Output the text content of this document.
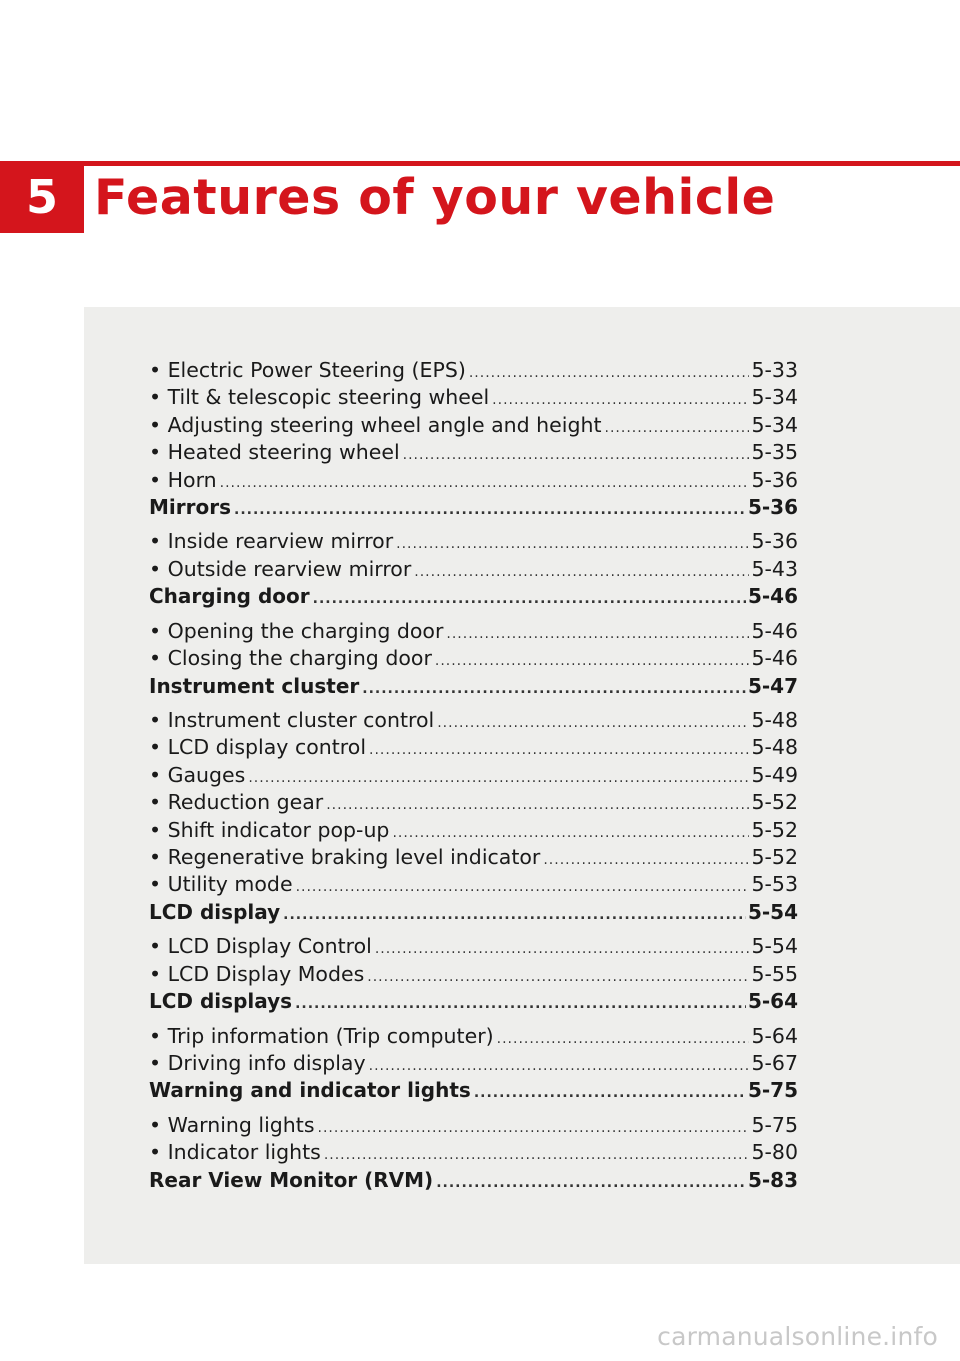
5 Features of your vehicle
• Electric Power Steering (EPS) .....	5-33
• Tilt & telescopic steering wheel .....	5-34
• Adjusting steering wheel angle and height .....	5-34
• Heated steering wheel .....	5-35
• Horn .....	5-36
Mirrors .....	5-36
• Inside rearview mirror .....	5-36
• Outside rearview mirror .....	5-43
Charging door .....	5-46
• Opening the charging door .....	5-46
• Closing the charging door .....	5-46
Instrument cluster .....	5-47
• Instrument cluster control .....	5-48
• LCD display control .....	5-48
• Gauges .....	5-49
• Reduction gear .....	5-52
• Shift indicator pop-up .....	5-52
• Regenerative braking level indicator .....	5-52
• Utility mode .....	5-53
LCD display .....	5-54
• LCD Display Control .....	5-54
• LCD Display Modes .....	5-55
LCD displays .....	5-64
• Trip information (Trip computer) .....	5-64
• Driving info display .....	5-67
Warning and indicator lights .....	5-75
• Warning lights .....	5-75
• Indicator lights .....	5-80
Rear View Monitor (RVM) .....	5-83
carmanualsonline.info
